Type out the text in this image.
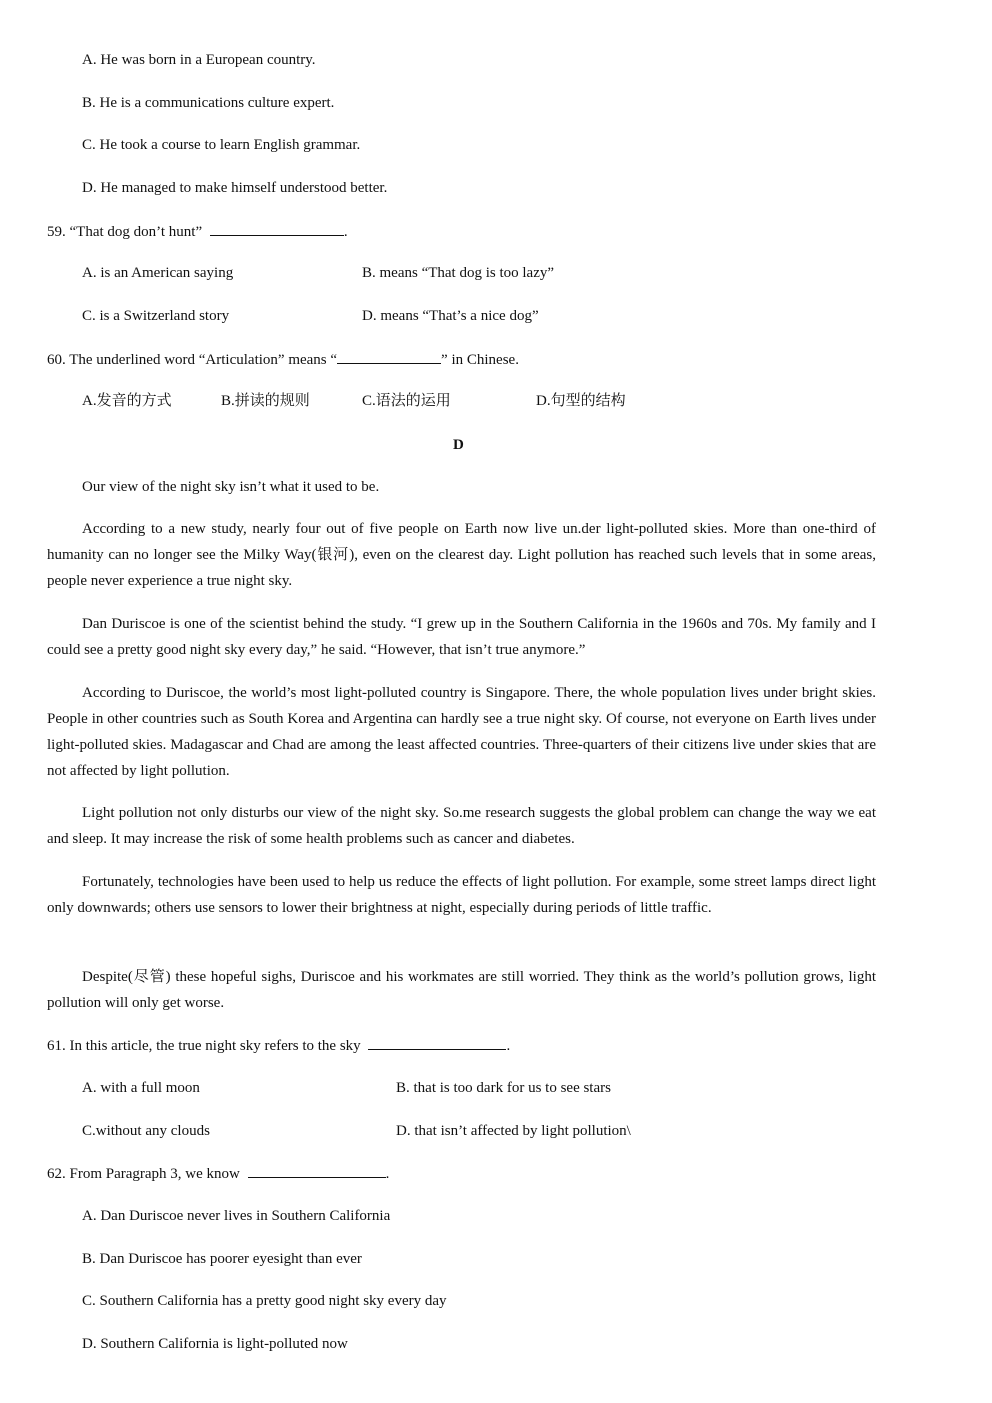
A. He was born in a European country.
B. He is a communications culture expert.
C. He took a course to learn English grammar.
D. He managed to make himself understood better.
59. “That dog don’t hunt”	.
A. is an American saying	B. means “That dog is too lazy”
C. is a Switzerland story	D. means “That’s a nice dog”
60. The underlined word “Articulation” means “	” in Chinese.
A.发音的方式	B.拼读的规则	C.语法的运用	D.句型的结构
D
Our view of the night sky isn’t what it used to be.
According to a new study, nearly four out of five people on Earth now live un.der light-polluted skies. More than one-third of humanity can no longer see the Milky Way(银河), even on the clearest day. Light pollution has reached such levels that in some areas, people never experience a true night sky.
Dan Duriscoe is one of the scientist behind the study. “I grew up in the Southern California in the 1960s and 70s. My family and I could see a pretty good night sky every day,” he said. “However, that isn’t true anymore.”
According to Duriscoe, the world’s most light-polluted country is Singapore. There, the whole population lives under bright skies. People in other countries such as South Korea and Argentina can hardly see a true night sky. Of course, not everyone on Earth lives under light-polluted skies. Madagascar and Chad are among the least affected countries. Three-quarters of their citizens live under skies that are not affected by light pollution.
Light pollution not only disturbs our view of the night sky. So.me research suggests the global problem can change the way we eat and sleep. It may increase the risk of some health problems such as cancer and diabetes.
Fortunately, technologies have been used to help us reduce the effects of light pollution. For example, some street lamps direct light only downwards; others use sensors to lower their brightness at night, especially during periods of little traffic.
Despite(尽管) these hopeful sighs, Duriscoe and his workmates are still worried. They think as the world’s pollution grows, light pollution will only get worse.
61. In this article, the true night sky refers to the sky	.
A. with a full moon	B. that is too dark for us to see stars
C.without any clouds	D. that isn’t affected by light pollution\
62. From Paragraph 3, we know	.
A. Dan Duriscoe never lives in Southern California
B. Dan Duriscoe has poorer eyesight than ever
C. Southern California has a pretty good night sky every day
D. Southern California is light-polluted now
